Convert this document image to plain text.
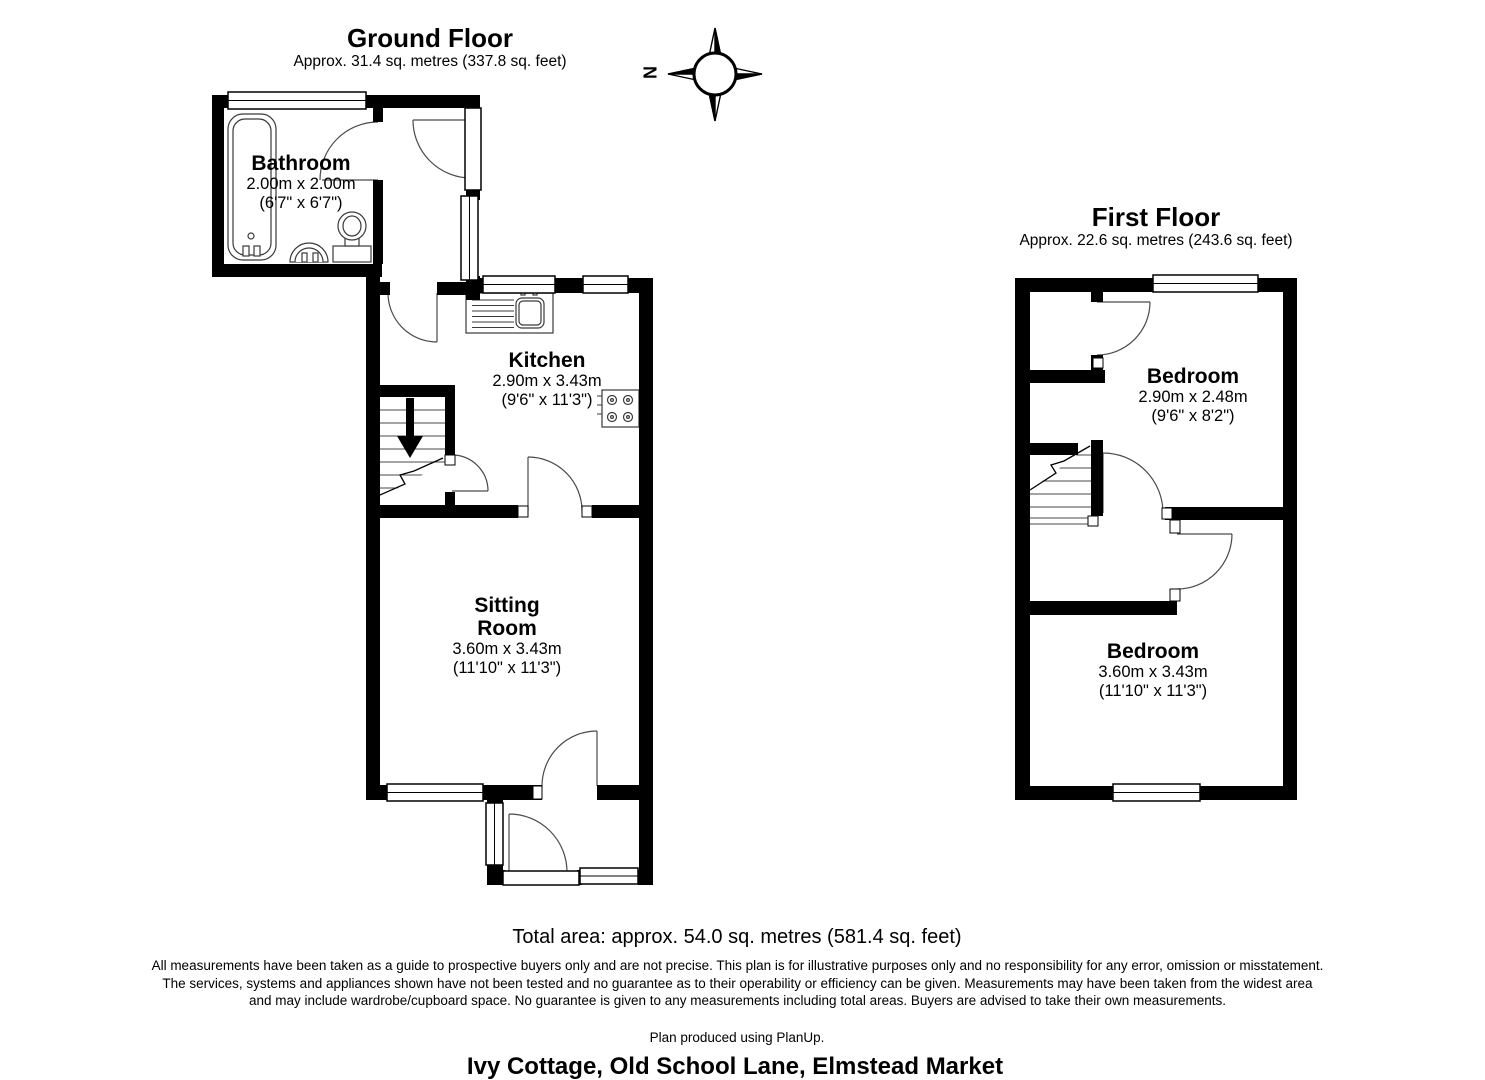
Ground Floor
Approx. 31.4 sq. metres (337.8 sq. feet)
N
Bathroom
2.00m x 2.00m
(6'7" x 6'7")
Kitchen
2.90m x 3.43m
(9'6" x 11'3")
Sitting Room
3.60m x 3.43m
(11'10" x 11'3")
First Floor
Approx. 22.6 sq. metres (243.6 sq. feet)
Bedroom
2.90m x 2.48m
(9'6" x 8'2")
Bedroom
3.60m x 3.43m
(11'10" x 11'3")
Total area: approx. 54.0 sq. metres (581.4 sq. feet)
All measurements have been taken as a guide to prospective buyers only and are not precise. This plan is for illustrative purposes only and no responsibility for any error, omission or misstatement. The services, systems and appliances shown have not been tested and no guarantee as to their operability or efficiency can be given. Measurements may have been taken from the widest area and may include wardrobe/cupboard space. No guarantee is given to any measurements including total areas. Buyers are advised to take their own measurements.
Plan produced using PlanUp.
Ivy Cottage, Old School Lane, Elmstead Market
